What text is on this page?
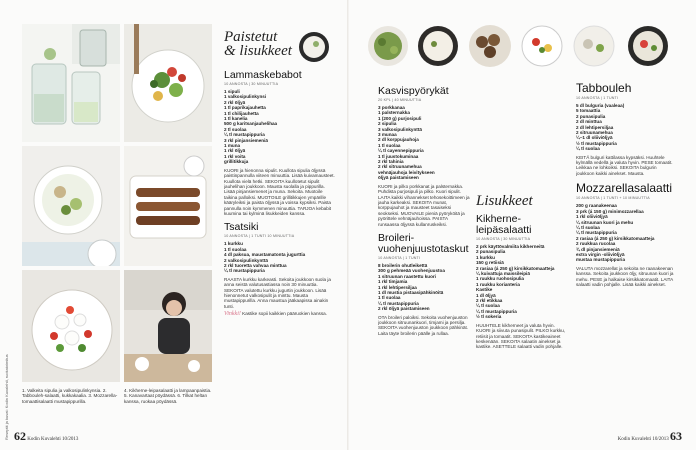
Reseptit ja kuvat: Kodin Kuvalehti, ruokatoimitus	1. Valkeita sipulia ja valkosipulinkynsia. 2. Tabbouleh-salaatti, kukkakaalia. 3. Mozzarella-tomaattisalaatti mustapippurilla.
4. Kikherne-leipasalaatti ja lampaanpaistia. 5. Kanavartaat pöydässä. 6. Tilkat heltan kanssa, ruokaa pöydässä.
62 Kodin Kuvalehti 10/2013
Paistetut
& lisukkeet
Lammaskebabot
10 ANNOSTA | 30 MINUUTTIA
1 sipuli
1 valkosipulinkynsi
2 rkl öljyä
1 tl paprikajauhetta
1 tl chilijauhetta
1 tl kanelia
500 g karitsanjauhelihaa
2 tl suolaa
¼ tl mustapippuria
3 rkl pinjansiemeniä
1 muna
1 rkl öljyä
1 rkl voita
grillitikkuja
KUORI ja hienonna sipulit. Kuullota sipulia öljyssä paistinpannulla viiteen minuuttia. Lisää kuivamausteet. Kuullota vielä hetki. SEKOITA kuullotetut sipulit jauhelihan joukkoon. Mausta suolalla ja pippurilla. Lisää pinjansiemenet ja muna. Sekoita. Muotoile taikina palloiksi. MUOTOILE grillitikkujen ympärille kääryleiksi ja paista öljyssä ja voissa kypsiksi. Paista pannulla noin kymmenen minuuttia. TARJOA kebabit kuumina tai kylminä lisukkeiden kanssa.
Tsatsiki
10 ANNOSTA | 1 TUNTI 10 MINUUTTIA
1 kurkku
1 tl suolaa
4 dl paksua, maustamatonta jugurttia
2 valkosipulinkynttä
2 rkl tuoretta vahvaa minttua
¼ tl mustapippuria
RAASTA kurkku karkeasti. Sekoita joukkoon suola ja anna seistä valutusastiassa noin 30 minuuttia. SEKOITA valutettu kurkku jugurtin joukkoon. Lisää hienonnetut valkosipulit ja minttu. Mausta mustapippurilla. Anna maustua jääkaapissa ainakin tunti.
Vinkki! Kastike sopii kaikkien pääruokien kanssa.
Kasvispyörykät
20 KPL | 40 MINUUTTIA
3 porkkanaa
1 palsternakka
1 (200 g) purjosipuli
2 sipulia
3 valkosipulinkynttä
3 munaa
2 dl korppujauhoja
1 tl suolaa
¼ tl cayennepippuria
1 tl juustokuminaa
2 rkl tahinia
2 rkl sitruunamehua
vehnäjauhoja leivitykseen
öljyä paistamiseen
KUORI ja pilko porkkanat ja palsternakka. Puhdista purjosipuli ja pilko. Kuori sipulit. LAITA kaikki vihannekset tehosekoittimeen ja jauha karkeaksi. SEKOITA munat, korppujauhot ja mausteet tasaiseksi seokseksi. MUOVAILE pieniä pyöryköitä ja pyörittele vehnäjauhoissa. PAISTA runsaassa öljyssä kullanruskeiksi.
Broileri-vuohenjuustotaskut
10 ANNOSTA | 1 TUNTI
8 broilerin ohutleikettä
300 g pehmeää vuohenjuustoa
1 sitruunan raastettu kuori
1 rkl timjamia
1 rkl lehtipersiljaa
1 dl mustia pistaasipähkinöitä
1 tl suolaa
¼ tl mustapippuria
2 rkl öljyä paistamiseen
OTA broileri paloiksi. Sekoita vuohenjuuston joukkoon sitruunankuori, timjami ja persilja. SEKOITA vuohenjuuston joukkoon pähkinät. Laita täyte broilerin päälle ja rullaa.
Lisukkeet
Kikherne-leipäsalaatti
10 ANNOSTA | 30 MINUUTTIA
2 prk käyttövalmiita kikherneitä
2 punasipulia
1 kurkku
150 g retiisiä
2 rasiaa (á 250 g) kirsikkatomaatteja
¼ kuivattuja maissileipiä
1 ruukku ruohosipulia
1 ruukku korianteria
Kastike
1 dl öljyä
2 rkl etikkaa
¼ tl suolaa
¼ tl mustapippuria
½ tl sokeria
HUUHTELE kikherneet ja valuta hyvin. KUORI ja siivuta punasipulit. PILKO kurkku, retiisit ja tomaatit. SEKOITA kastikeaineet keskenään. SEKOITA salaatin ainekset ja kastike. ASETTELE salaatti vadin pohjalle.
Tabbouleh
10 ANNOSTA | 1 TUNTI
5 dl bulguria (vaaleaa)
5 tomaattia
2 punasipulia
2 dl minttua
2 dl lehtipersiljaa
2 sitruunamehua
¼–1 dl oliiviöljyä
½ tl mustapippuria
¼ tl suolaa
KEITÄ bulguri kattilassa kypsäksi. Huuhtele kylmällä vedellä ja valuta hyvin. PESE tomaatit. Leikkaa ne lohkoiksi. SEKOITA bulgurin joukkoon kaikki ainekset. Mausta.
Mozzarellasalaatti
10 ANNOSTA | 1 TUNTI + 10 MINUUTTIA
200 g raanakeenaa
3 prk (á 150 g) minimozzarellaa
1 rkl oliiviöljyä
¼ sitruunan kuori ja mehu
¼ tl suolaa
¼ tl mustapippuria
2 rasiaa (á 250 g) kirsikkatomaatteja
2 ruukkua rucolaa
¾ dl pinjansiemeniä
extra virgin -oliiviöljyä
mustaa mustapippuria
VALUTA mozzarellat ja sekoita ne raanakeenan kanssa. Sekoita joukkoon öljy, sitruunan kuori ja mehu. PESE ja halkaise kirsikkatomaatit. LAITA salaatti vadin pohjalle. Lisää kaikki ainekset.
Kodin Kuvalehti 10/2013 63
